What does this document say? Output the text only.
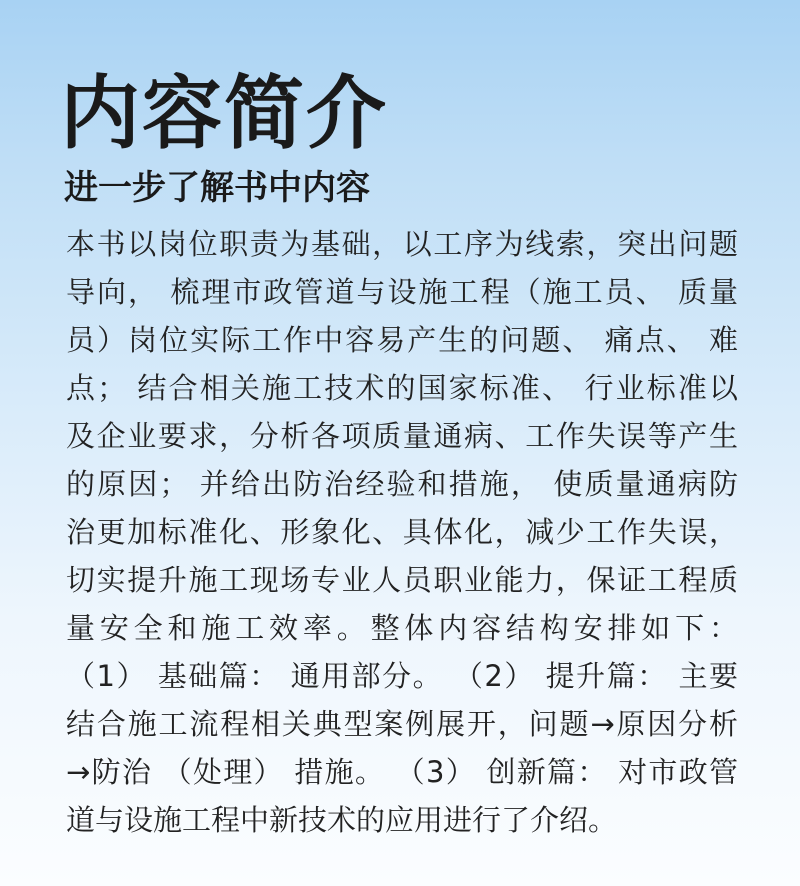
内容简介
进一步了解书中内容
本书以岗位职责为基础，以工序为线索，突出问题
导向， 梳理市政管道与设施工程（施工员、 质量
员）岗位实际工作中容易产生的问题、 痛点、 难
点； 结合相关施工技术的国家标准、 行业标准以
及企业要求，分析各项质量通病、工作失误等产生
的原因； 并给出防治经验和措施， 使质量通病防
治更加标准化、形象化、具体化，减少工作失误，
切实提升施工现场专业人员职业能力，保证工程质
量安全和施工效率。整体内容结构安排如下：
（1） 基础篇： 通用部分。 （2） 提升篇： 主要
结合施工流程相关典型案例展开，问题→原因分析
→防治 （处理） 措施。 （3） 创新篇： 对市政管
道与设施工程中新技术的应用进行了介绍。
